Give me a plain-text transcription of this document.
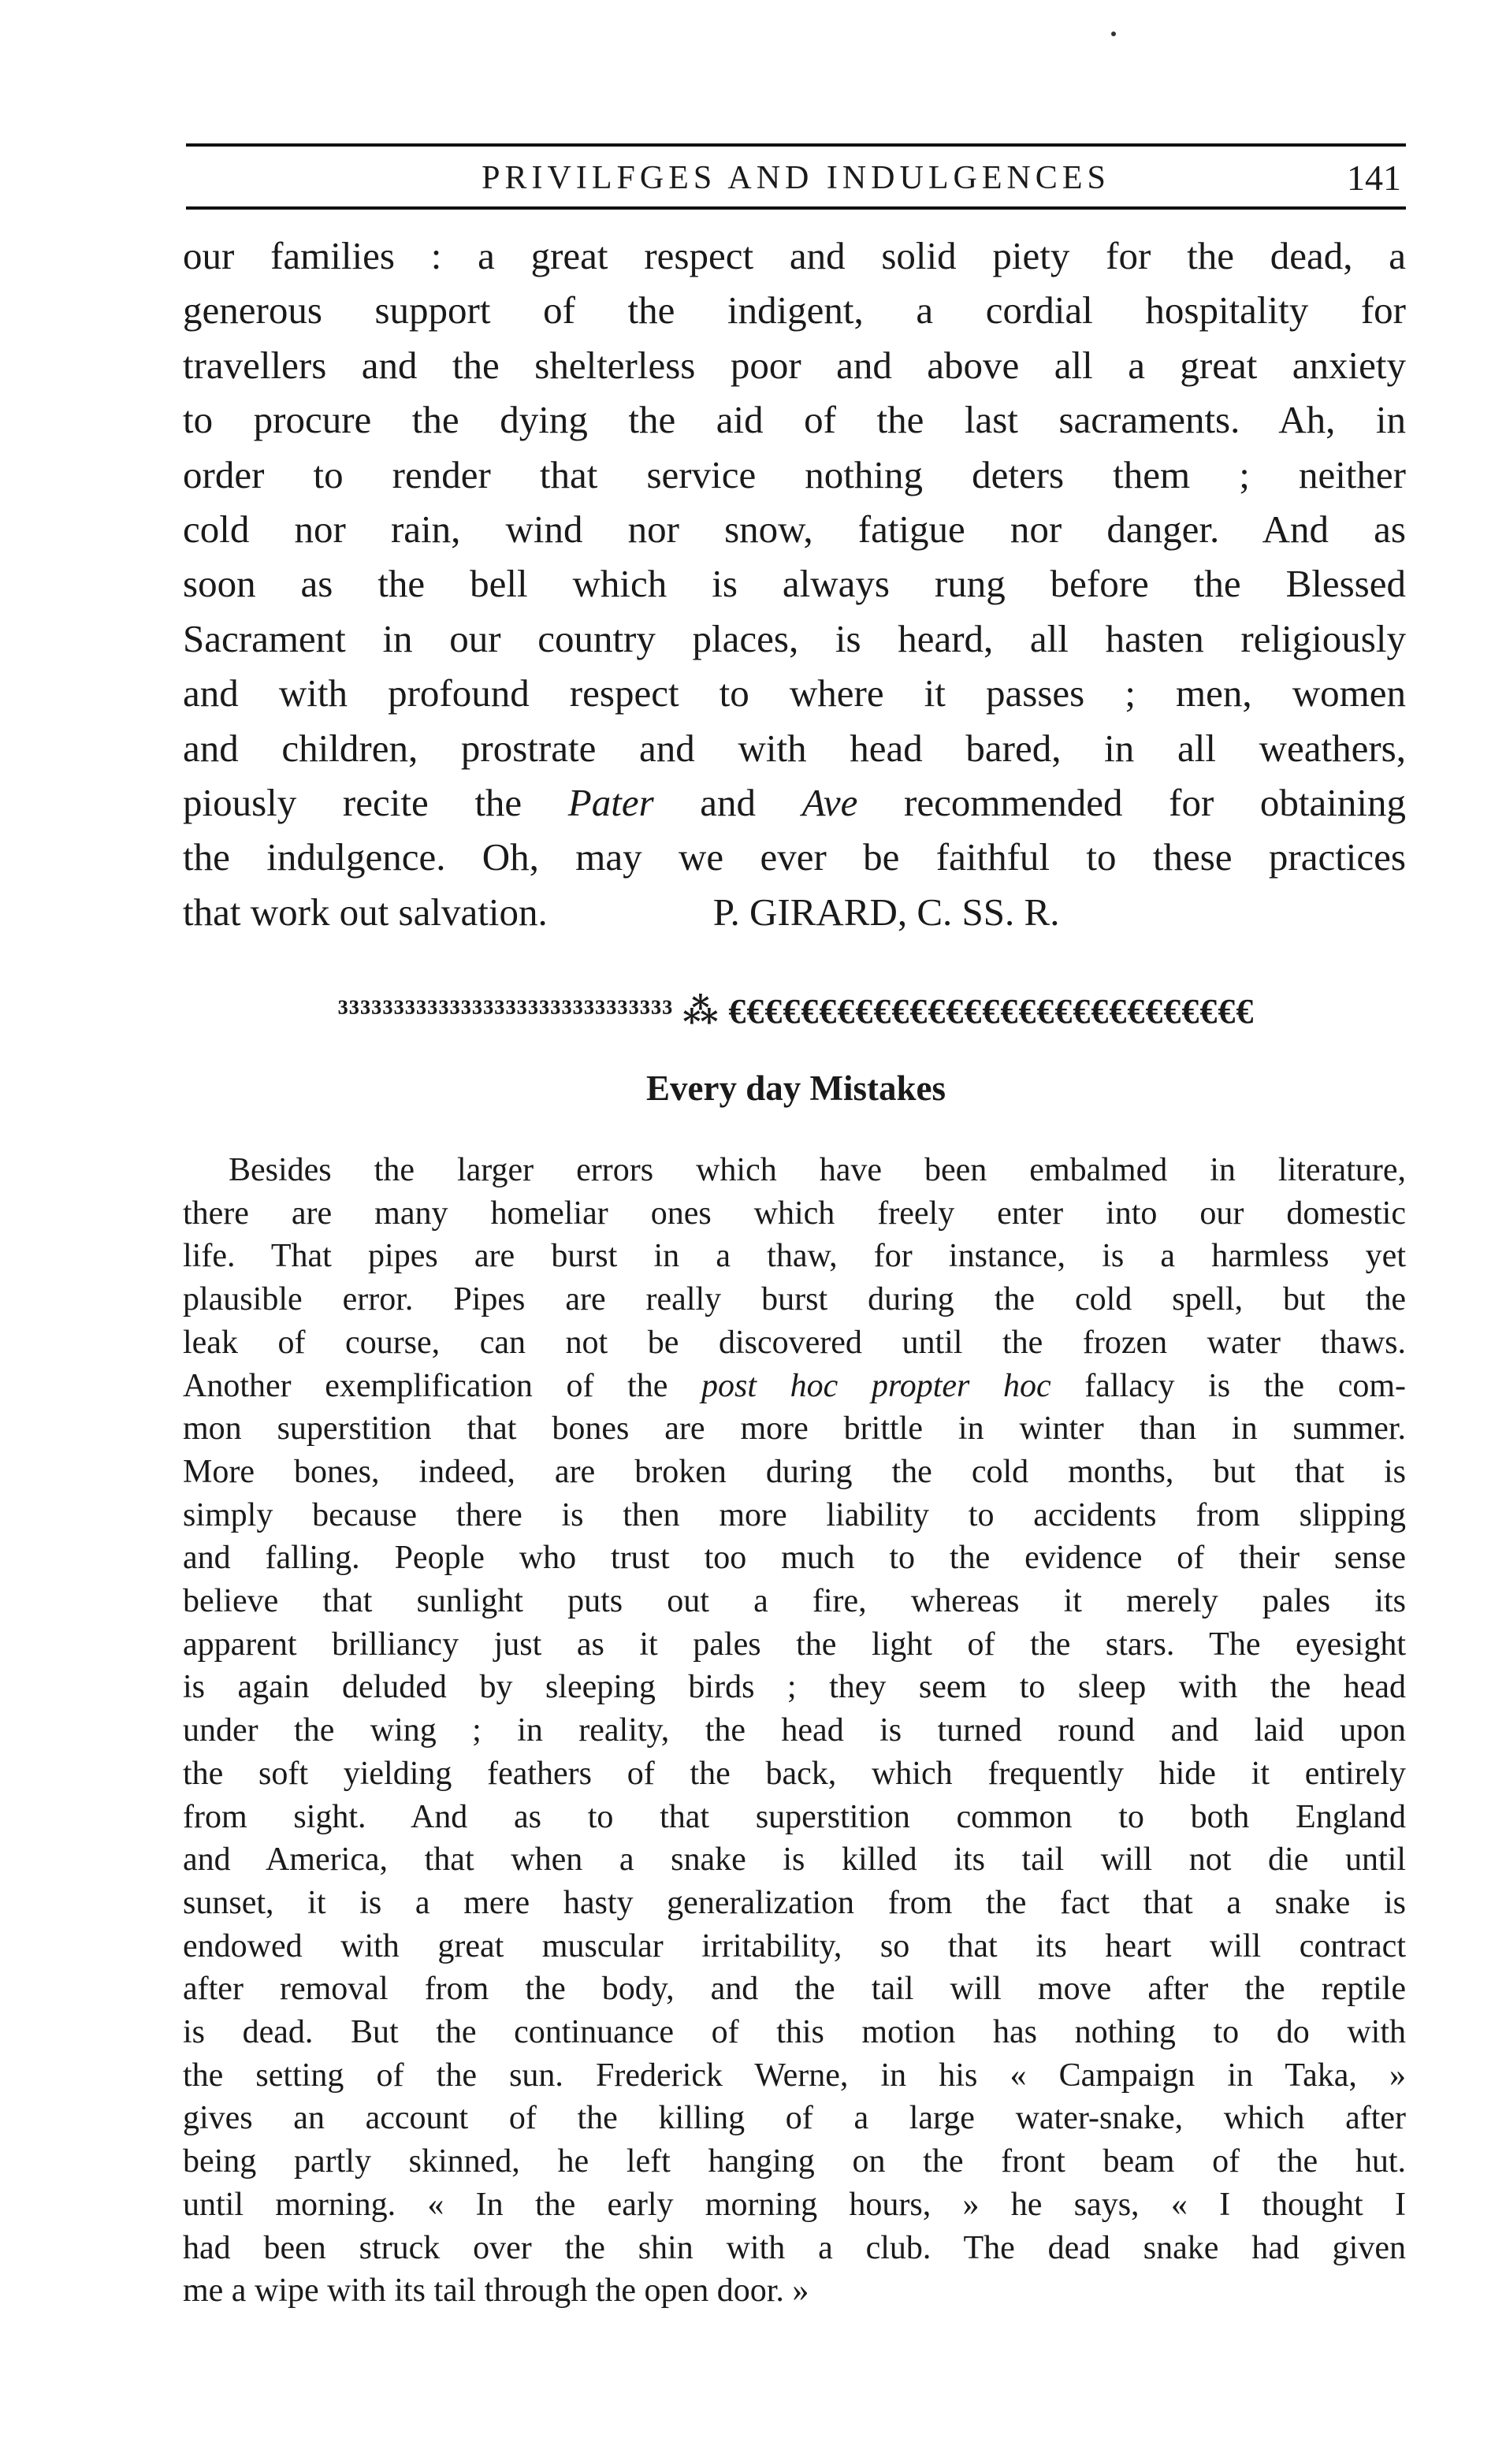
PRIVILFGES AND INDULGENCES	141
our families : a great respect and solid piety for the dead, a
generous support of the indigent, a cordial hospitality for
travellers and the shelterless poor and above all a great anxiety
to procure the dying the aid of the last sacraments. Ah, in
order to render that service nothing deters them ; neither
cold nor rain, wind nor snow, fatigue nor danger. And as
soon as the bell which is always rung before the Blessed
Sacrament in our country places, is heard, all hasten religiously
and with profound respect to where it passes ; men, women
and children, prostrate and with head bared, in all weathers,
piously recite the Pater and Ave recommended for obtaining
the indulgence. Oh, may we ever be faithful to these practices
that work out salvation.	P. GIRARD, C. SS. R.
³³³³³³³³³³³³³³³³³³³³³³³³³³³³³³ ⁂ €€€€€€€€€€€€€€€€€€€€€€€€€€€€€
Every day Mistakes
Besides the larger errors which have been embalmed in literature,
there are many homeliar ones which freely enter into our domestic
life. That pipes are burst in a thaw, for instance, is a harmless yet
plausible error. Pipes are really burst during the cold spell, but the
leak of course, can not be discovered until the frozen water thaws.
Another exemplification of the post hoc propter hoc fallacy is the com-
mon superstition that bones are more brittle in winter than in summer.
More bones, indeed, are broken during the cold months, but that is
simply because there is then more liability to accidents from slipping
and falling. People who trust too much to the evidence of their sense
believe that sunlight puts out a fire, whereas it merely pales its
apparent brilliancy just as it pales the light of the stars. The eyesight
is again deluded by sleeping birds ; they seem to sleep with the head
under the wing ; in reality, the head is turned round and laid upon
the soft yielding feathers of the back, which frequently hide it entirely
from sight. And as to that superstition common to both England
and America, that when a snake is killed its tail will not die until
sunset, it is a mere hasty generalization from the fact that a snake is
endowed with great muscular irritability, so that its heart will contract
after removal from the body, and the tail will move after the reptile
is dead. But the continuance of this motion has nothing to do with
the setting of the sun. Frederick Werne, in his « Campaign in Taka, »
gives an account of the killing of a large water-snake, which after
being partly skinned, he left hanging on the front beam of the hut.
until morning. « In the early morning hours, » he says, « I thought I
had been struck over the shin with a club. The dead snake had given
me a wipe with its tail through the open door. »
